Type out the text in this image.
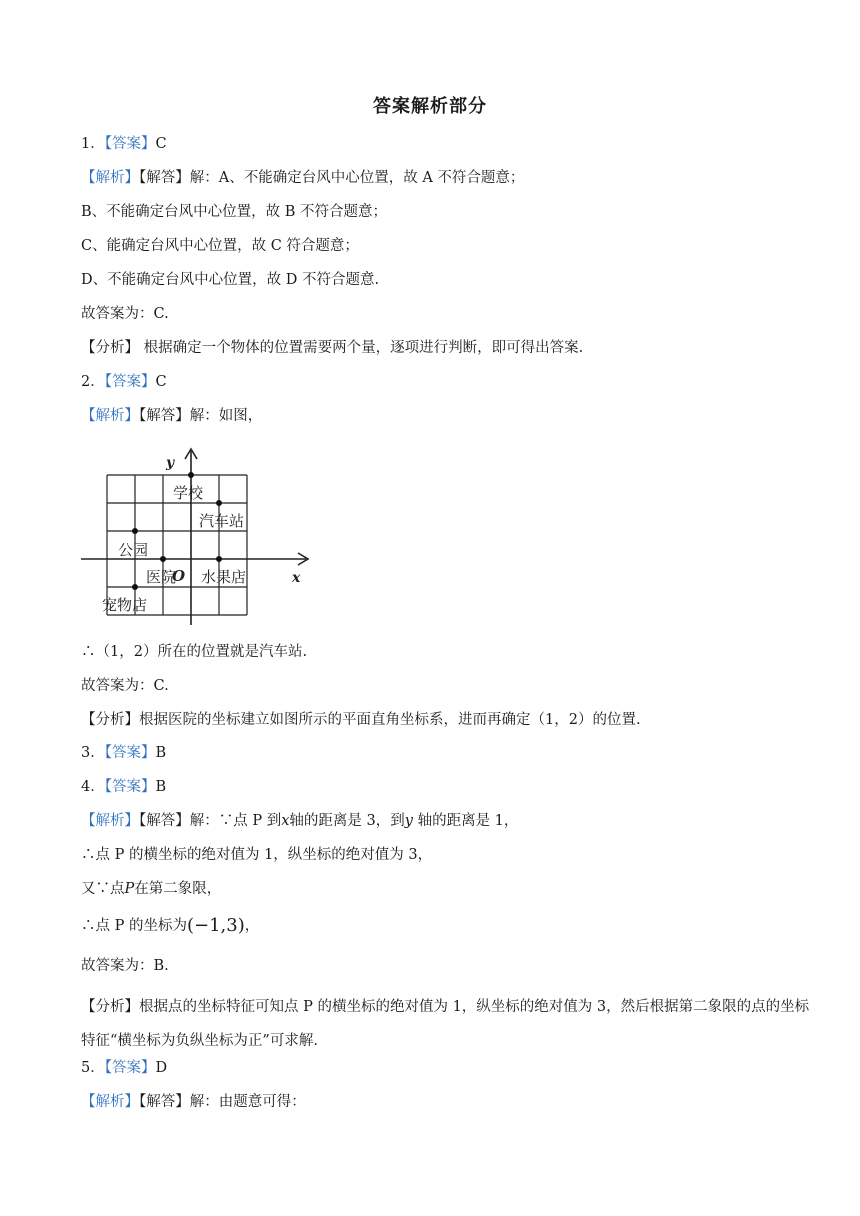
答案解析部分
1．【答案】C
【解析】【解答】解：A、不能确定台风中心位置，故 A 不符合题意；
B、不能确定台风中心位置，故 B 不符合题意；
C、能确定台风中心位置，故 C 符合题意；
D、不能确定台风中心位置，故 D 不符合题意.
故答案为：C.
【分析】 根据确定一个物体的位置需要两个量，逐项进行判断，即可得出答案.
2．【答案】C
【解析】【解答】解：如图，
y
x
O
学校
汽车站
公园
医院 水果店
宠物店
∴（1，2）所在的位置就是汽车站.
故答案为：C.
【分析】根据医院的坐标建立如图所示的平面直角坐标系，进而再确定（1，2）的位置.
3．【答案】B
4．【答案】B
【解析】【解答】解：∵点 P 到x轴的距离是 3，到y 轴的距离是 1，
∴点 P 的横坐标的绝对值为 1，纵坐标的绝对值为 3，
又∵点P在第二象限，
∴点 P 的坐标为(−1,3)，
故答案为：B.
【分析】根据点的坐标特征可知点 P 的横坐标的绝对值为 1，纵坐标的绝对值为 3，然后根据第二象限的点的坐标特征“横坐标为负纵坐标为正”可求解.
5．【答案】D
【解析】【解答】解：由题意可得：
